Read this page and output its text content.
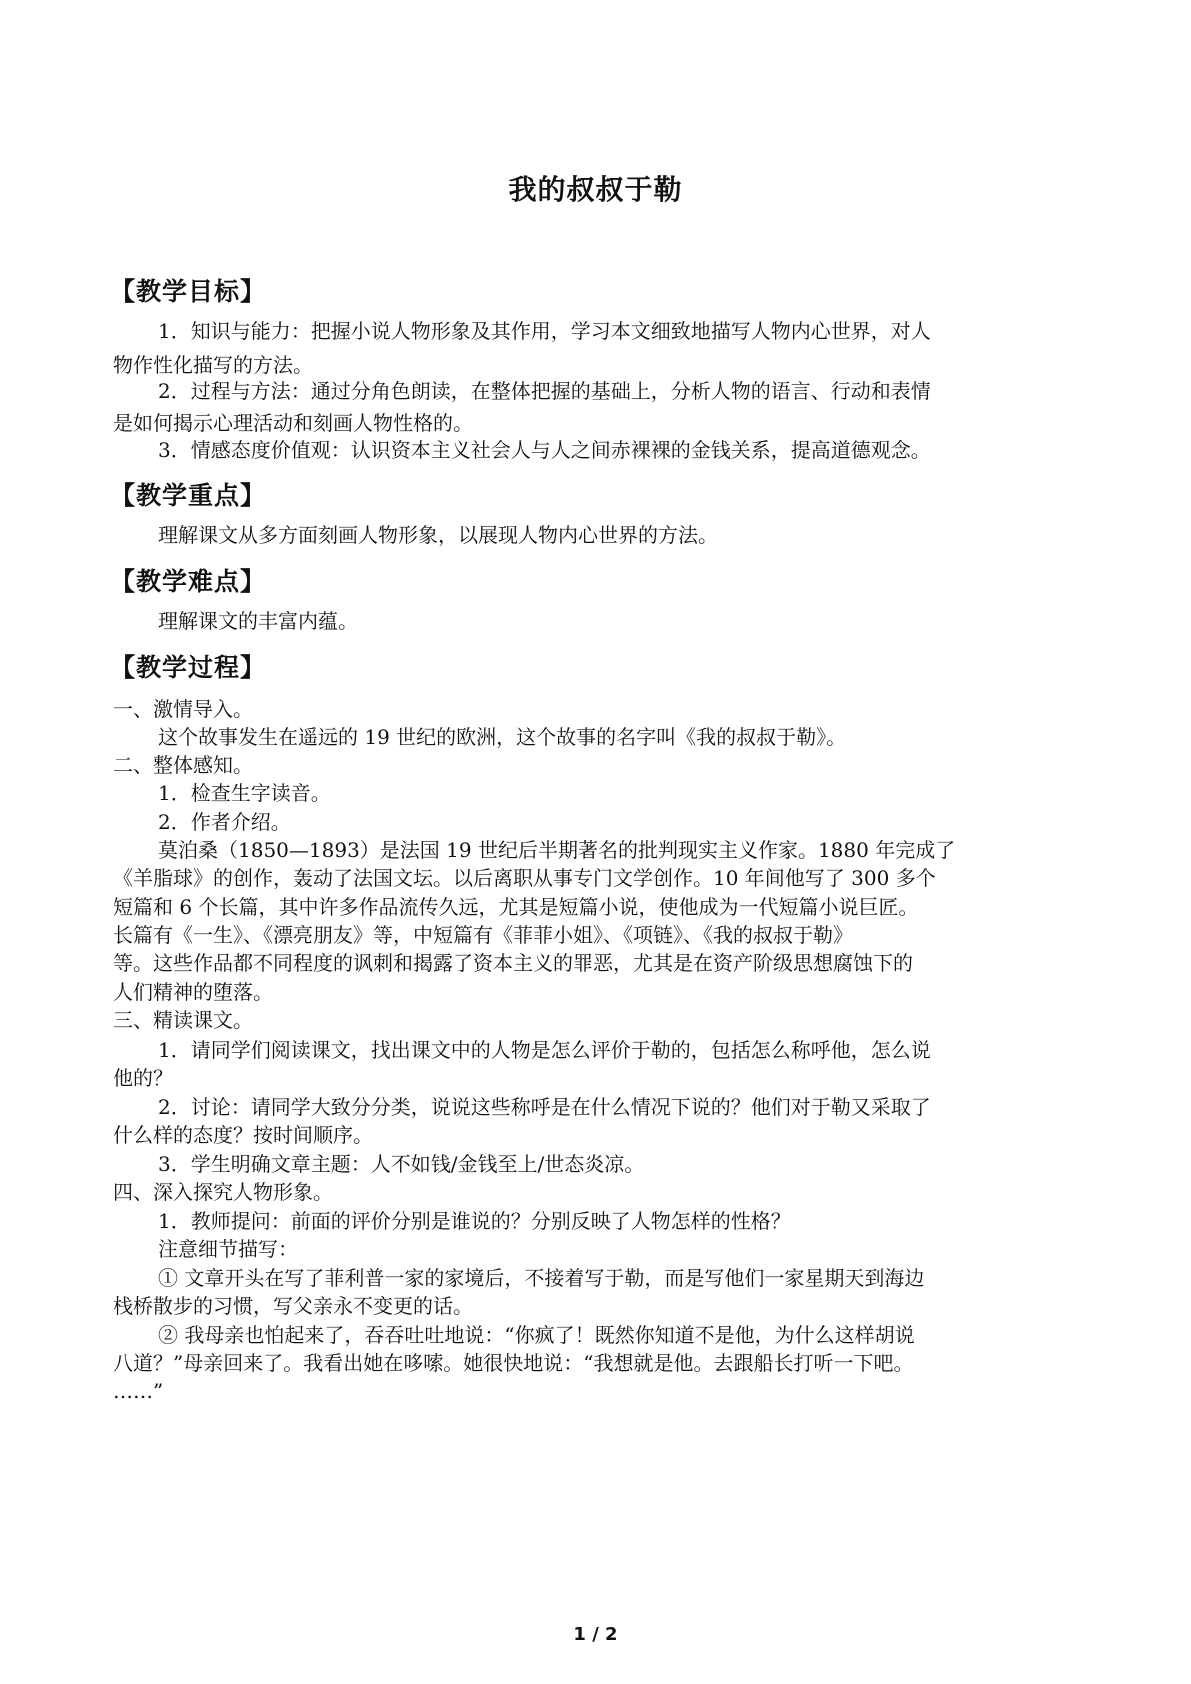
我的叔叔于勒
【教学目标】
1．知识与能力：把握小说人物形象及其作用，学习本文细致地描写人物内心世界，对人
物作性化描写的方法。
2．过程与方法：通过分角色朗读，在整体把握的基础上，分析人物的语言、行动和表情
是如何揭示心理活动和刻画人物性格的。
3．情感态度价值观：认识资本主义社会人与人之间赤裸裸的金钱关系，提高道德观念。
【教学重点】
理解课文从多方面刻画人物形象，以展现人物内心世界的方法。
【教学难点】
理解课文的丰富内蕴。
【教学过程】
一、激情导入。
这个故事发生在遥远的 19 世纪的欧洲，这个故事的名字叫《我的叔叔于勒》。
二、整体感知。
1．检查生字读音。
2．作者介绍。
莫泊桑（1850—1893）是法国 19 世纪后半期著名的批判现实主义作家。1880 年完成了
《羊脂球》的创作，轰动了法国文坛。以后离职从事专门文学创作。10 年间他写了 300 多个
短篇和 6 个长篇，其中许多作品流传久远，尤其是短篇小说，使他成为一代短篇小说巨匠。
长篇有《一生》、《漂亮朋友》等，中短篇有《菲菲小姐》、《项链》、《我的叔叔于勒》
等。这些作品都不同程度的讽刺和揭露了资本主义的罪恶，尤其是在资产阶级思想腐蚀下的
人们精神的堕落。
三、精读课文。
1．请同学们阅读课文，找出课文中的人物是怎么评价于勒的，包括怎么称呼他，怎么说
他的？
2．讨论：请同学大致分分类，说说这些称呼是在什么情况下说的？他们对于勒又采取了
什么样的态度？按时间顺序。
3．学生明确文章主题：人不如钱/金钱至上/世态炎凉。
四、深入探究人物形象。
1．教师提问：前面的评价分别是谁说的？分别反映了人物怎样的性格？
注意细节描写：
① 文章开头在写了菲利普一家的家境后，不接着写于勒，而是写他们一家星期天到海边
栈桥散步的习惯，写父亲永不变更的话。
② 我母亲也怕起来了，吞吞吐吐地说：“你疯了！既然你知道不是他，为什么这样胡说
八道？”母亲回来了。我看出她在哆嗦。她很快地说：“我想就是他。去跟船长打听一下吧。
……”
1 / 2
